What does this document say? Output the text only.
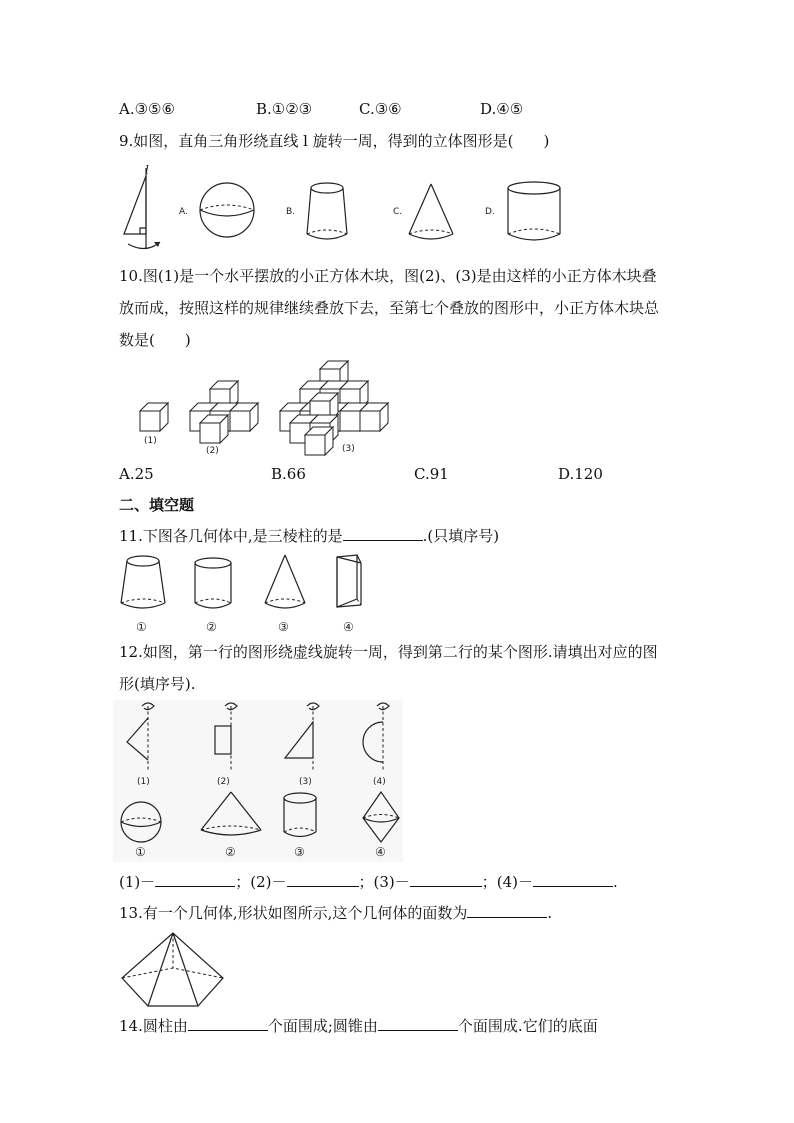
A.③⑤⑥	B.①②③	C.③⑥	D.④⑤
9.如图，直角三角形绕直线 l 旋转一周，得到的立体图形是(　　)
l
A.	B.	C.	D.
10.图(1)是一个水平摆放的小正方体木块，图(2)、(3)是由这样的小正方体木块叠
放而成，按照这样的规律继续叠放下去，至第七个叠放的图形中，小正方体木块总
数是(　　)
(1)
(2)	(3)
A.25	B.66	C.91	D.120
二、填空题
11.下图各几何体中,是三棱柱的是	.(只填序号)
①	②	③	④
12.如图，第一行的图形绕虚线旋转一周，得到第二行的某个图形.请填出对应的图
形(填序号).
(1)	(2)	(3)	(4)
①	②	③	④
(1)－	；(2)－	；(3)－	；(4)－	.
13.有一个几何体,形状如图所示,这个几何体的面数为	.
14.圆柱由	个面围成;圆锥由	个面围成.它们的底面
